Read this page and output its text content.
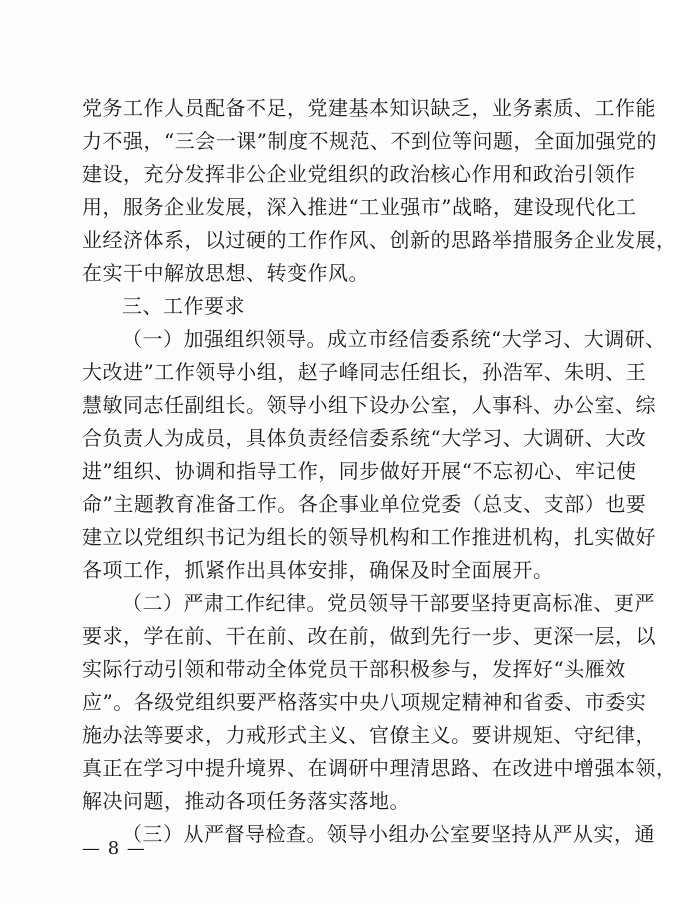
党务工作人员配备不足，党建基本知识缺乏，业务素质、工作能
力不强，“三会一课”制度不规范、不到位等问题，全面加强党的
建设，充分发挥非公企业党组织的政治核心作用和政治引领作
用，服务企业发展，深入推进“工业强市”战略，建设现代化工
业经济体系，以过硬的工作作风、创新的思路举措服务企业发展，
在实干中解放思想、转变作风。
三、工作要求
（一）加强组织领导。成立市经信委系统“大学习、大调研、
大改进”工作领导小组，赵子峰同志任组长，孙浩军、朱明、王
慧敏同志任副组长。领导小组下设办公室，人事科、办公室、综
合负责人为成员，具体负责经信委系统“大学习、大调研、大改
进”组织、协调和指导工作，同步做好开展“不忘初心、牢记使
命”主题教育准备工作。各企事业单位党委（总支、支部）也要
建立以党组织书记为组长的领导机构和工作推进机构，扎实做好
各项工作，抓紧作出具体安排，确保及时全面展开。
（二）严肃工作纪律。党员领导干部要坚持更高标准、更严
要求，学在前、干在前、改在前，做到先行一步、更深一层，以
实际行动引领和带动全体党员干部积极参与，发挥好“头雁效
应”。各级党组织要严格落实中央八项规定精神和省委、市委实
施办法等要求，力戒形式主义、官僚主义。要讲规矩、守纪律，
真正在学习中提升境界、在调研中理清思路、在改进中增强本领，
解决问题，推动各项任务落实落地。
（三）从严督导检查。领导小组办公室要坚持从严从实，通
— 8 —
